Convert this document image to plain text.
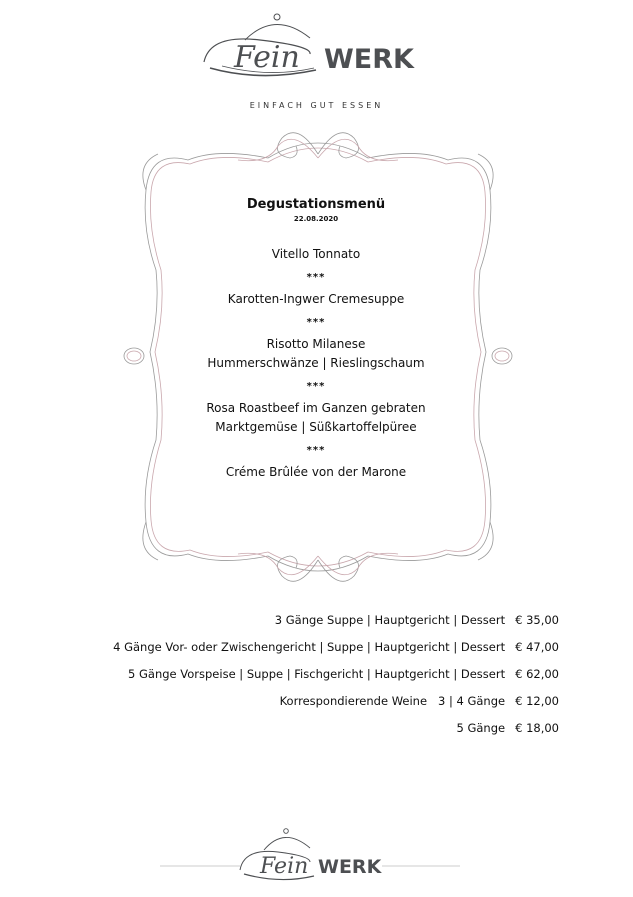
Fein WERK
EINFACH GUT ESSEN

Degustationsmenü

22.08.2020

Vitello Tonnato
***
Karotten-Ingwer Cremesuppe
***
Risotto Milanese
Hummerschwänze | Rieslingschaum
***
Rosa Roastbeef im Ganzen gebraten
Marktgemüse | Süßkartoffelpüree
***
Créme Brûlée von der Marone
3 Gänge Suppe | Hauptgericht | Dessert € 35,00
4 Gänge Vor- oder Zwischengericht | Suppe | Hauptgericht | Dessert € 47,00
5 Gänge Vorspeise | Suppe | Fischgericht | Hauptgericht | Dessert € 62,00
Korrespondierende Weine   3 | 4 Gänge € 12,00
5 Gänge € 18,00
Fein WERK
